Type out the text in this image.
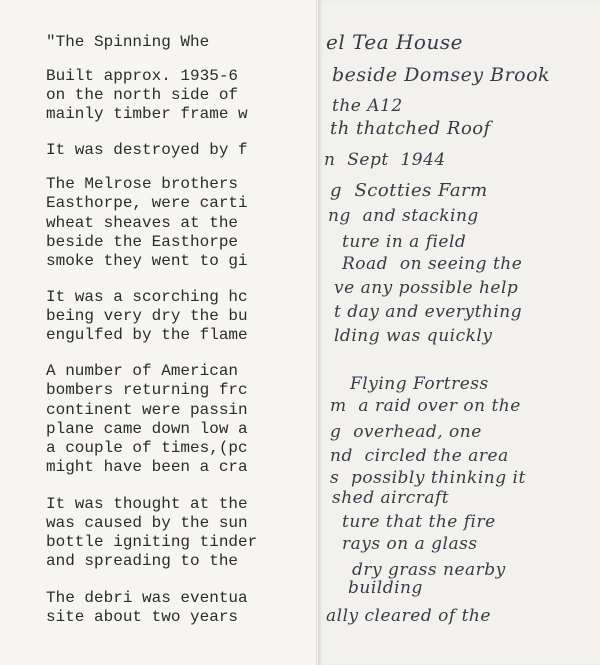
"The Spinning Whe

Built approx. 1935-6

on the north side of

mainly timber frame w

It was destroyed by f

The Melrose brothers

Easthorpe, were carti

wheat sheaves at the

beside the Easthorpe

smoke they went to gi

It was a scorching hc

being very dry the bu

engulfed by the flame

A number of American

bombers returning frc

continent were passin

plane came down low a

a couple of times,(pc

might have been a cra

It was thought at the

was caused by the sun

bottle igniting tinder

and spreading to the

The debri was eventua

site about two years

el Tea House

beside Domsey Brook

the A12

th thatched Roof

n  Sept  1944

g  Scotties Farm

ng  and stacking

ture in a field

Road  on seeing the

ve any possible help

t day and everything

lding was quickly

Flying Fortress

m  a raid over on the

g  overhead, one

nd  circled the area

s  possibly thinking it

shed aircraft

ture that the fire

rays on a glass

dry grass nearby

building

ally cleared of the
